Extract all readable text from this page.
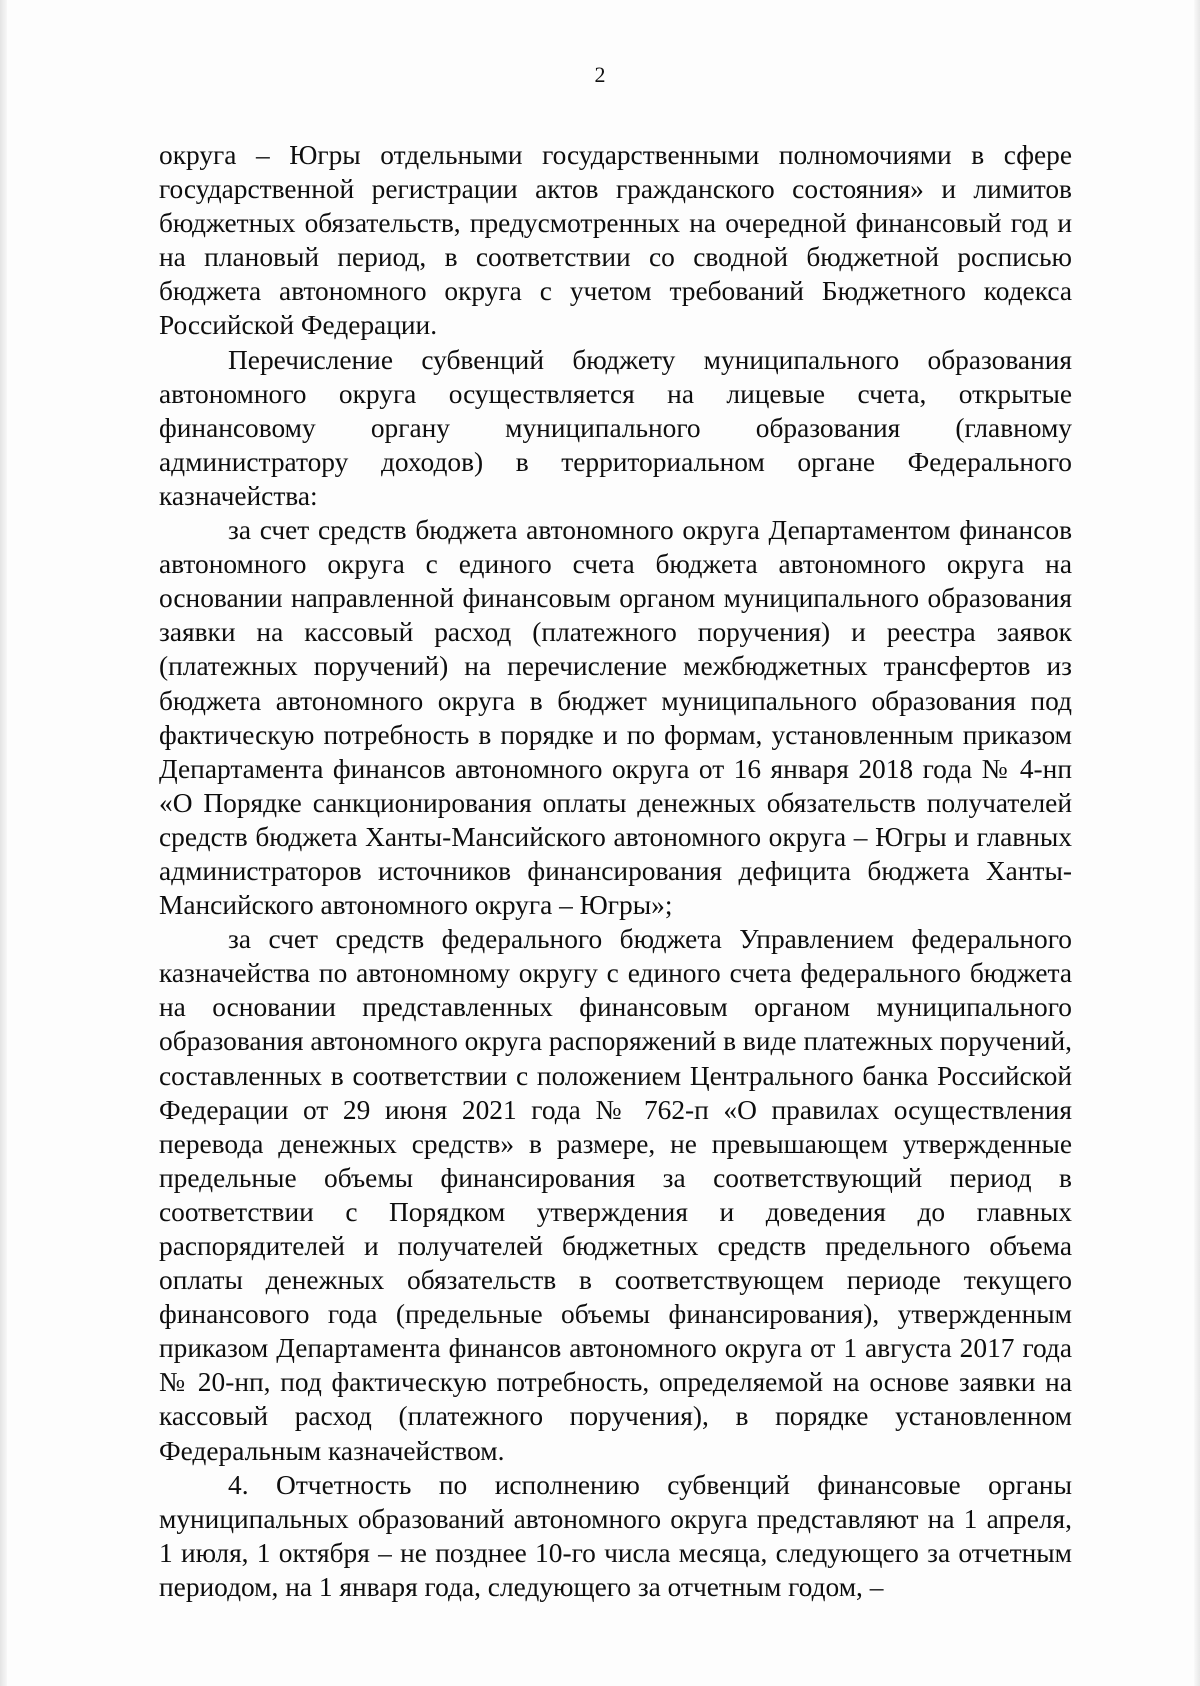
2

округа – Югры отдельными государственными полномочиями в сфере государственной регистрации актов гражданского состояния» и лимитов бюджетных обязательств, предусмотренных на очередной финансовый год и на плановый период, в соответствии со сводной бюджетной росписью бюджета автономного округа с учетом требований Бюджетного кодекса Российской Федерации.

Перечисление субвенций бюджету муниципального образования автономного округа осуществляется на лицевые счета, открытые финансовому органу муниципального образования (главному администратору доходов) в территориальном органе Федерального казначейства:

за счет средств бюджета автономного округа Департаментом финансов автономного округа с единого счета бюджета автономного округа на основании направленной финансовым органом муниципального образования заявки на кассовый расход (платежного поручения) и реестра заявок (платежных поручений) на перечисление межбюджетных трансфертов из бюджета автономного округа в бюджет муниципального образования под фактическую потребность в порядке и по формам, установленным приказом Департамента финансов автономного округа от 16 января 2018 года № 4-нп «О Порядке санкционирования оплаты денежных обязательств получателей средств бюджета Ханты-Мансийского автономного округа – Югры и главных администраторов источников финансирования дефицита бюджета Ханты-Мансийского автономного округа – Югры»;

за счет средств федерального бюджета Управлением федерального казначейства по автономному округу с единого счета федерального бюджета на основании представленных финансовым органом муниципального образования автономного округа распоряжений в виде платежных поручений, составленных в соответствии с положением Центрального банка Российской Федерации от 29 июня 2021 года № 762-п «О правилах осуществления перевода денежных средств» в размере, не превышающем утвержденные предельные объемы финансирования за соответствующий период в соответствии с Порядком утверждения и доведения до главных распорядителей и получателей бюджетных средств предельного объема оплаты денежных обязательств в соответствующем периоде текущего финансового года (предельные объемы финансирования), утвержденным приказом Департамента финансов автономного округа от 1 августа 2017 года № 20-нп, под фактическую потребность, определяемой на основе заявки на кассовый расход (платежного поручения), в порядке установленном Федеральным казначейством.

4. Отчетность по исполнению субвенций финансовые органы муниципальных образований автономного округа представляют на 1 апреля, 1 июля, 1 октября – не позднее 10-го числа месяца, следующего за отчетным периодом, на 1 января года, следующего за отчетным годом, –
